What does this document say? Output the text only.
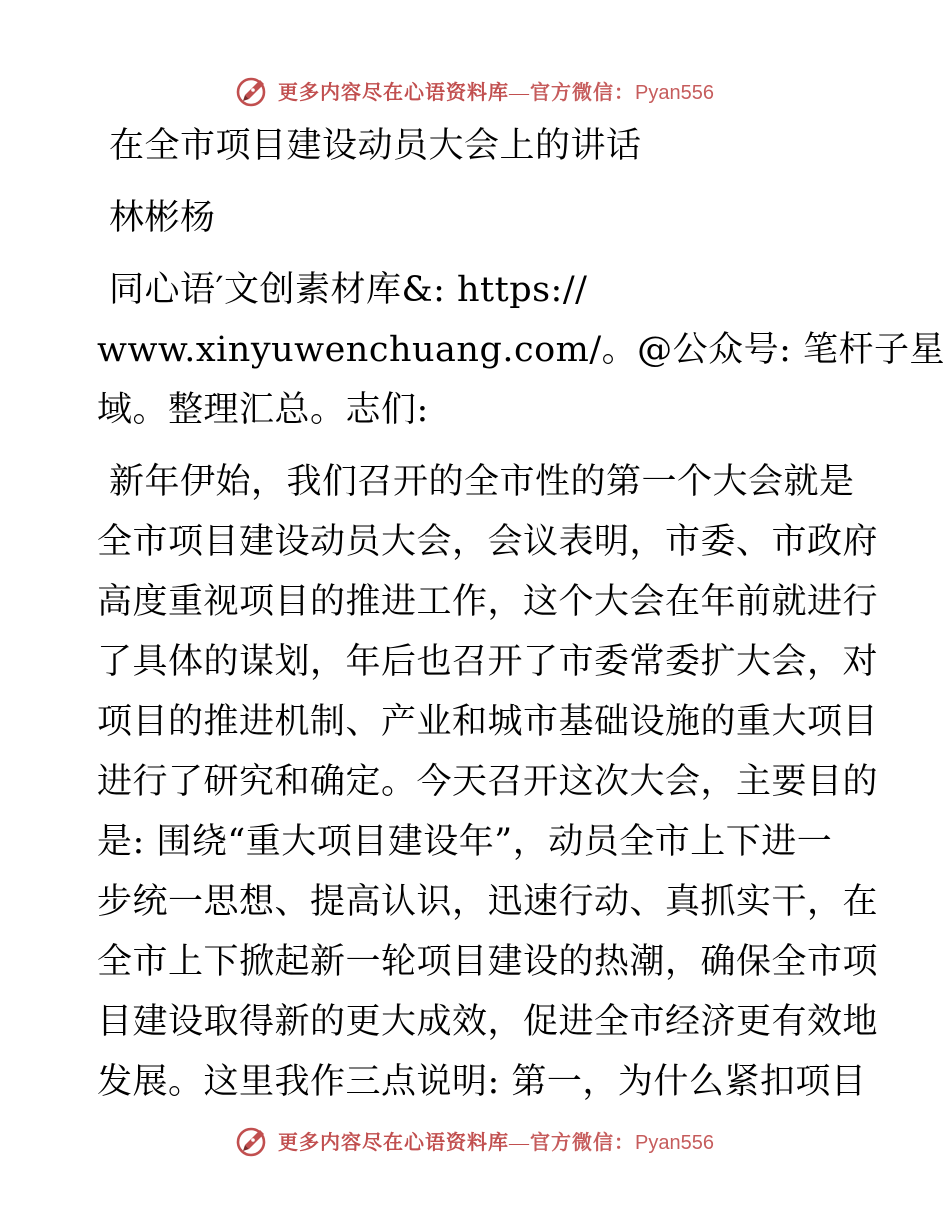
更多内容尽在心语资料库—官方微信：Pyan556
在全市项目建设动员大会上的讲话
林彬杨
同心语′文创素材库&: https://
www.xinyuwenchuang.com/。@公众号: 笔杆子星
域。整理汇总。志们:
新年伊始，我们召开的全市性的第一个大会就是
全市项目建设动员大会，会议表明，市委、市政府
高度重视项目的推进工作，这个大会在年前就进行
了具体的谋划，年后也召开了市委常委扩大会，对
项目的推进机制、产业和城市基础设施的重大项目
进行了研究和确定。今天召开这次大会，主要目的
是: 围绕“重大项目建设年”，动员全市上下进一
步统一思想、提高认识，迅速行动、真抓实干，在
全市上下掀起新一轮项目建设的热潮，确保全市项
目建设取得新的更大成效，促进全市经济更有效地
发展。这里我作三点说明: 第一，为什么紧扣项目
更多内容尽在心语资料库—官方微信：Pyan556
